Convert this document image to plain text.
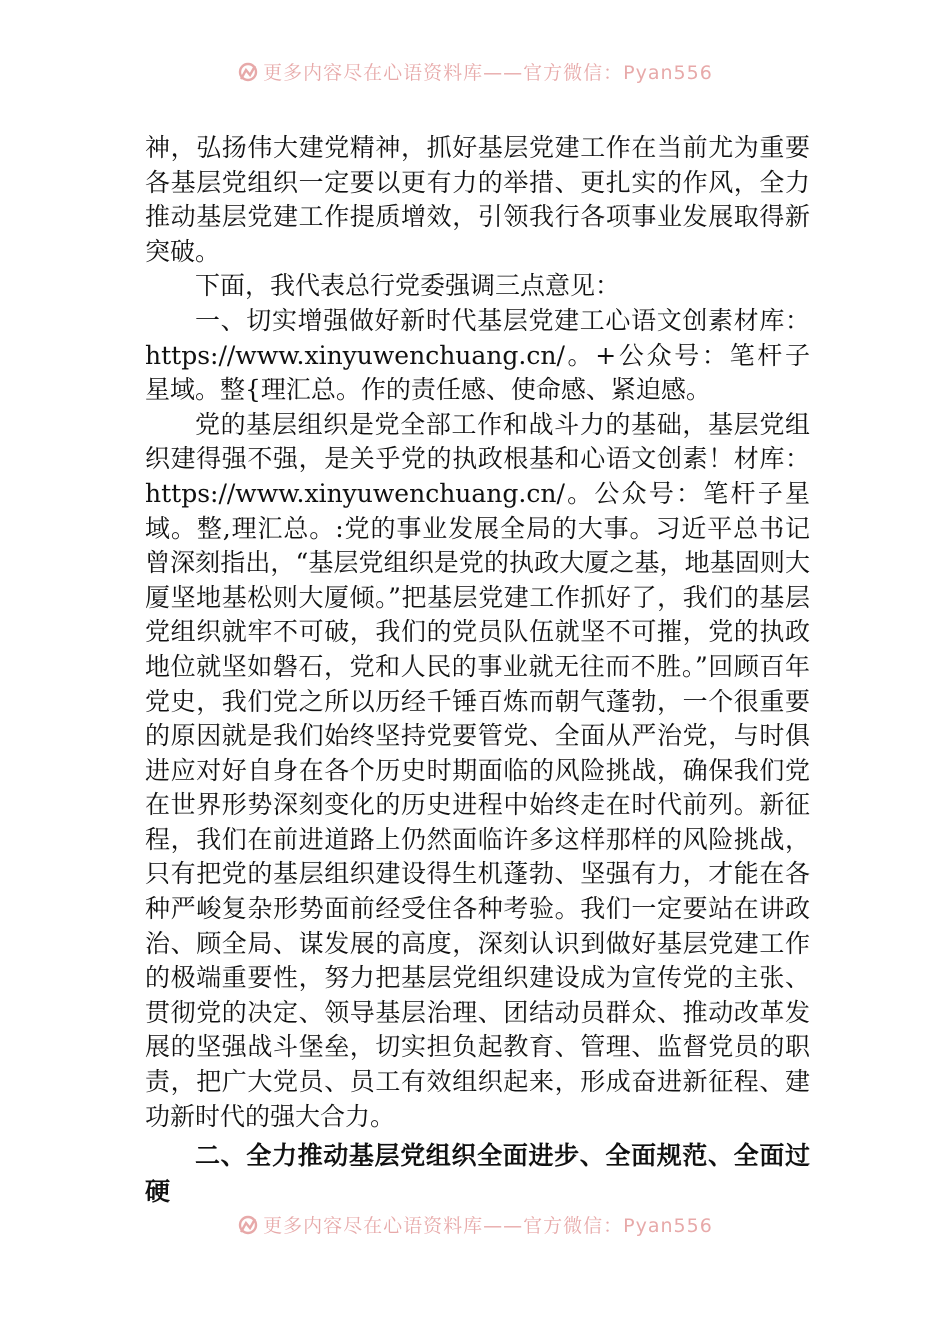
更多内容尽在心语资料库——官方微信：Pyan556

神，弘扬伟大建党精神，抓好基层党建工作在当前尤为重要各基层党组织一定要以更有力的举措、更扎实的作风，全力推动基层党建工作提质增效，引领我行各项事业发展取得新突破。

下面，我代表总行党委强调三点意见：

一、切实增强做好新时代基层党建工心语文创素材库：https://www.xinyuwenchuang.cn/。+公众号：笔杆子星域。整{理汇总。作的责任感、使命感、紧迫感。

党的基层组织是党全部工作和战斗力的基础，基层党组织建得强不强，是关乎党的执政根基和心语文创素！材库：https://www.xinyuwenchuang.cn/。公众号：笔杆子星域。整,理汇总。:党的事业发展全局的大事。习近平总书记曾深刻指出，“基层党组织是党的执政大厦之基，地基固则大厦坚地基松则大厦倾。”把基层党建工作抓好了，我们的基层党组织就牢不可破，我们的党员队伍就坚不可摧，党的执政地位就坚如磐石，党和人民的事业就无往而不胜。”回顾百年党史，我们党之所以历经千锤百炼而朝气蓬勃，一个很重要的原因就是我们始终坚持党要管党、全面从严治党，与时俱进应对好自身在各个历史时期面临的风险挑战，确保我们党在世界形势深刻变化的历史进程中始终走在时代前列。新征程，我们在前进道路上仍然面临许多这样那样的风险挑战，只有把党的基层组织建设得生机蓬勃、坚强有力，才能在各种严峻复杂形势面前经受住各种考验。我们一定要站在讲政治、顾全局、谋发展的高度，深刻认识到做好基层党建工作的极端重要性，努力把基层党组织建设成为宣传党的主张、贯彻党的决定、领导基层治理、团结动员群众、推动改革发展的坚强战斗堡垒，切实担负起教育、管理、监督党员的职责，把广大党员、员工有效组织起来，形成奋进新征程、建功新时代的强大合力。

二、全力推动基层党组织全面进步、全面规范、全面过硬

更多内容尽在心语资料库——官方微信：Pyan556
